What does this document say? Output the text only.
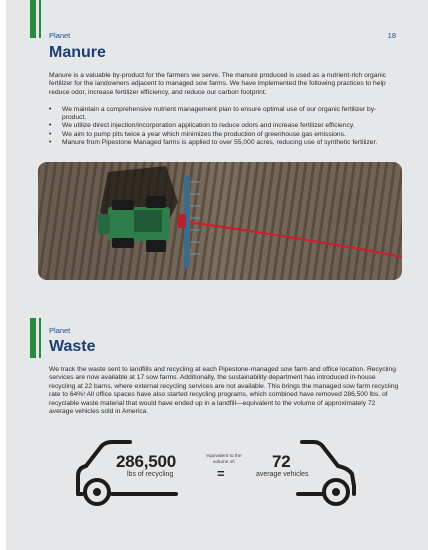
Planet	18
Manure

Manure is a valuable by-product for the farmers we serve. The manure produced is used as a nutrient-rich organic fertilizer for the landowners adjacent to managed sow farms. We have implemented the following practices to help reduce odor, increase fertilizer efficiency, and reduce our carbon footprint.

• We maintain a comprehensive nutrient management plan to ensure optimal use of our organic fertilizer by-product.
• We utilize direct injection/incorporation application to reduce odors and increase fertilizer efficiency.
• We aim to pump pits twice a year which minimizes the production of greenhouse gas emissions.
• Manure from Pipestone Managed farms is applied to over 55,000 acres, reducing use of synthetic fertilizer.
Planet
Waste

We track the waste sent to landfills and recycling at each Pipestone-managed sow farm and office location. Recycling services are now available at 17 sow farms. Additionally, the sustainability department has introduced in-house recycling at 22 barns, where external recycling services are not available. This brings the managed sow farm recycling rate to 64%! All office spaces have also started recycling programs, which combined have removed 286,500 lbs. of recyclable waste material that would have ended up in a landfill—equivalent to the volume of approximately 72 average vehicles sold in America.

286,500
lbs of recycling
equivalent to the volume of:
=
72
average vehicles
